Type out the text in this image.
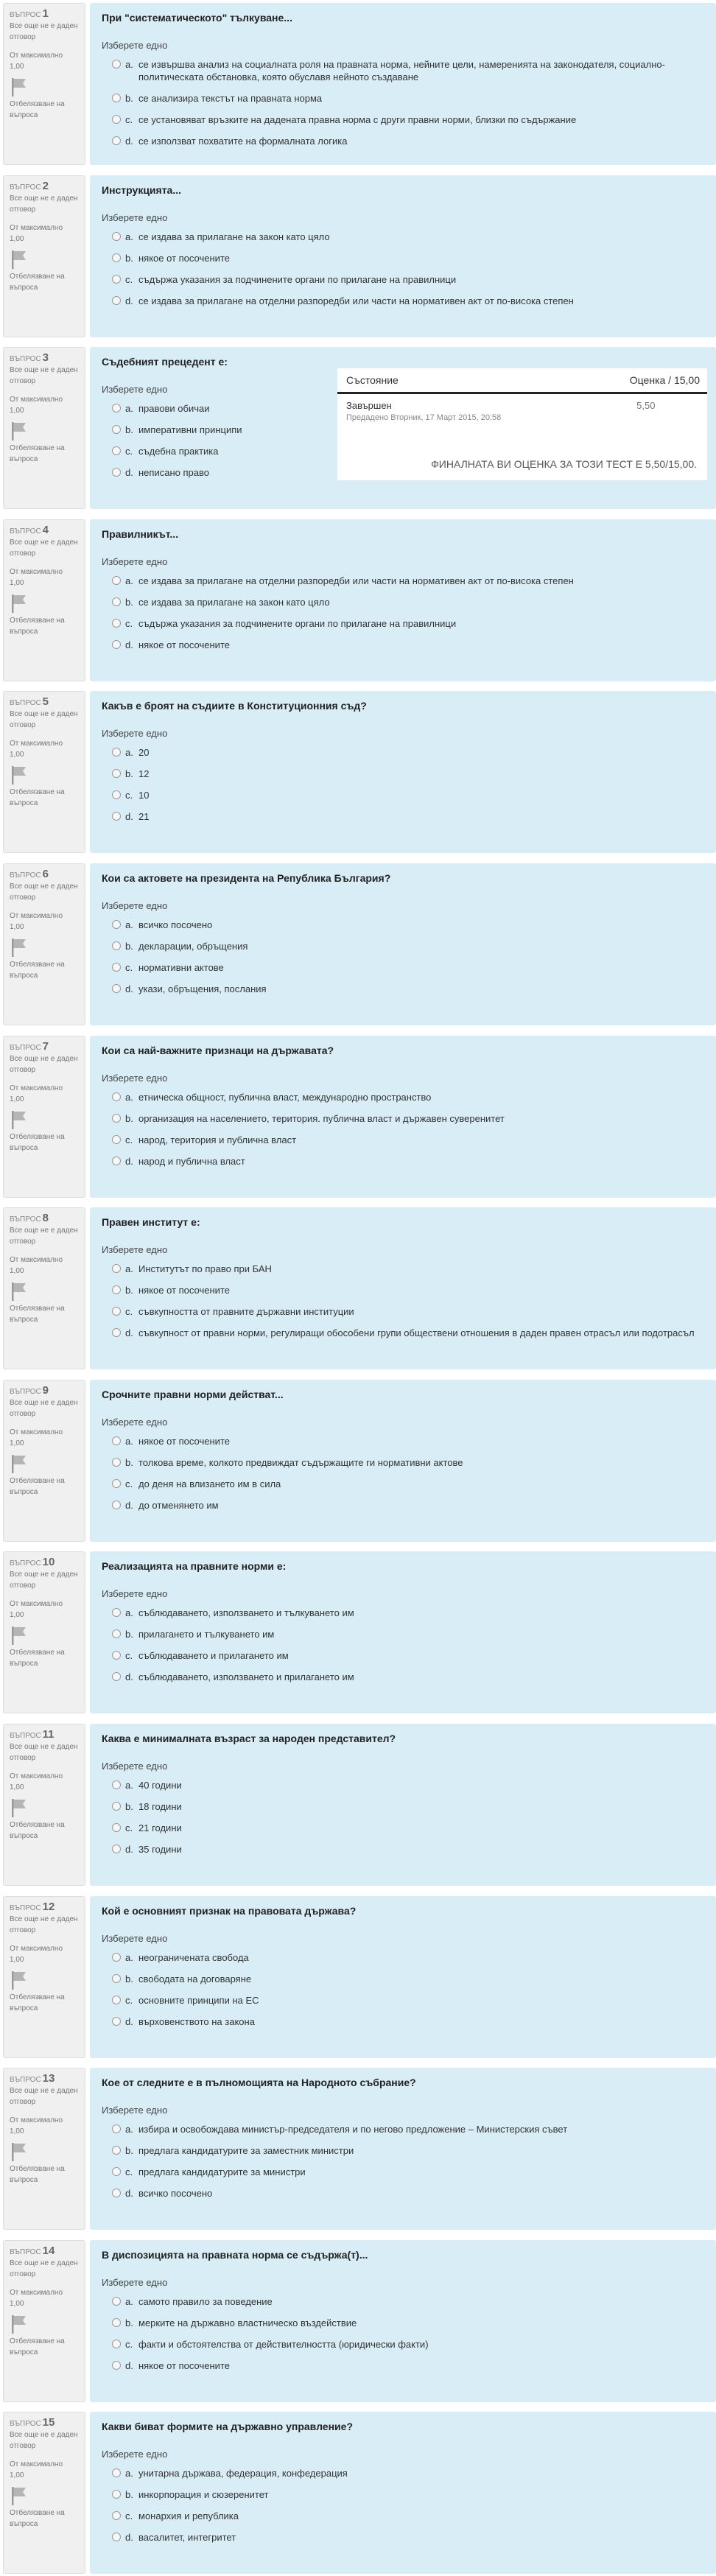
ВЪПРОС 1
Все още не е даден отговор
От максимално
1,00
Отбелязване на въпроса
При "систематическото" тълкуване...
Изберете едно
a. се извършва анализ на социалната роля на правната норма, нейните цели, намеренията на законодателя, социално-политическата обстановка, която обуславя нейното създаване
b. се анализира текстът на правната норма
c. се установяват връзките на дадената правна норма с други правни норми, близки по съдържание
d. се използват похватите на формалната логика
ВЪПРОС 2
Все още не е даден отговор
От максимално
1,00
Отбелязване на въпроса
Инструкцията...
Изберете едно
a. се издава за прилагане на закон като цяло
b. някое от посочените
c. съдържа указания за подчинените органи по прилагане на правилници
d. се издава за прилагане на отделни разпоредби или части на нормативен акт от по-висока степен
ВЪПРОС 3
Все още не е даден отговор
От максимално
1,00
Отбелязване на въпроса
Съдебният прецедент е:
Изберете едно
a. правови обичаи
b. императивни принципи
c. съдебна практика
d. неписано право
ВЪПРОС 4
Все още не е даден отговор
От максимално
1,00
Отбелязване на въпроса
Правилникът...
Изберете едно
a. се издава за прилагане на отделни разпоредби или части на нормативен акт от по-висока степен
b. се издава за прилагане на закон като цяло
c. съдържа указания за подчинените органи по прилагане на правилници
d. някое от посочените
ВЪПРОС 5
Все още не е даден отговор
От максимално
1,00
Отбелязване на въпроса
Какъв е броят на съдиите в Конституционния съд?
Изберете едно
a. 20
b. 12
c. 10
d. 21
ВЪПРОС 6
Все още не е даден отговор
От максимално
1,00
Отбелязване на въпроса
Кои са актовете на президента на Република България?
Изберете едно
a. всичко посочено
b. декларации, обръщения
c. нормативни актове
d. укази, обръщения, послания
ВЪПРОС 7
Все още не е даден отговор
От максимално
1,00
Отбелязване на въпроса
Кои са най-важните признаци на държавата?
Изберете едно
a. етническа общност, публична власт, международно пространство
b. организация на населението, територия. публична власт и държавен суверенитет
c. народ, територия и публична власт
d. народ и публична власт
ВЪПРОС 8
Все още не е даден отговор
От максимално
1,00
Отбелязване на въпроса
Правен институт е:
Изберете едно
a. Институтът по право при БАН
b. някое от посочените
c. съвкупността от правните държавни институции
d. съвкупност от правни норми, регулиращи обособени групи обществени отношения в даден правен отрасъл или подотрасъл
ВЪПРОС 9
Все още не е даден отговор
От максимално
1,00
Отбелязване на въпроса
Срочните правни норми действат...
Изберете едно
a. някое от посочените
b. толкова време, колкото предвиждат съдържащите ги нормативни актове
c. до деня на влизането им в сила
d. до отменянето им
ВЪПРОС 10
Все още не е даден отговор
От максимално
1,00
Отбелязване на въпроса
Реализацията на правните норми е:
Изберете едно
a. съблюдаването, използването и тълкуването им
b. прилагането и тълкуването им
c. съблюдаването и прилагането им
d. съблюдаването, използването и прилагането им
ВЪПРОС 11
Все още не е даден отговор
От максимално
1,00
Отбелязване на въпроса
Каква е минималната възраст за народен представител?
Изберете едно
a. 40 години
b. 18 години
c. 21 години
d. 35 години
ВЪПРОС 12
Все още не е даден отговор
От максимално
1,00
Отбелязване на въпроса
Кой е основният признак на правовата държава?
Изберете едно
a. неограничената свобода
b. свободата на договаряне
c. основните принципи на ЕС
d. върховенството на закона
ВЪПРОС 13
Все още не е даден отговор
От максимално
1,00
Отбелязване на въпроса
Кое от следните е в пълномощията на Народното събрание?
Изберете едно
a. избира и освобождава министър-председателя и по негово предложение – Министерския съвет
b. предлага кандидатурите за заместник министри
c. предлага кандидатурите за министри
d. всичко посочено
ВЪПРОС 14
Все още не е даден отговор
От максимално
1,00
Отбелязване на въпроса
В диспозицията на правната норма се съдържа(т)...
Изберете едно
a. самото правило за поведение
b. мерките на държавно властническо въздействие
c. факти и обстоятелства от действителността (юридически факти)
d. някое от посочените
ВЪПРОС 15
Все още не е даден отговор
От максимално
1,00
Отбелязване на въпроса
Какви биват формите на държавно управление?
Изберете едно
a. унитарна държава, федерация, конфедерация
b. инкорпорация и сюзеренитет
c. монархия и република
d. васалитет, интегритет
Състояние	Оценка / 15,00
Завършен
Предадено Вторник, 17 Март 2015, 20:58	5,50
ФИНАЛНАТА ВИ ОЦЕНКА ЗА ТОЗИ ТЕСТ Е 5,50/15,00.
